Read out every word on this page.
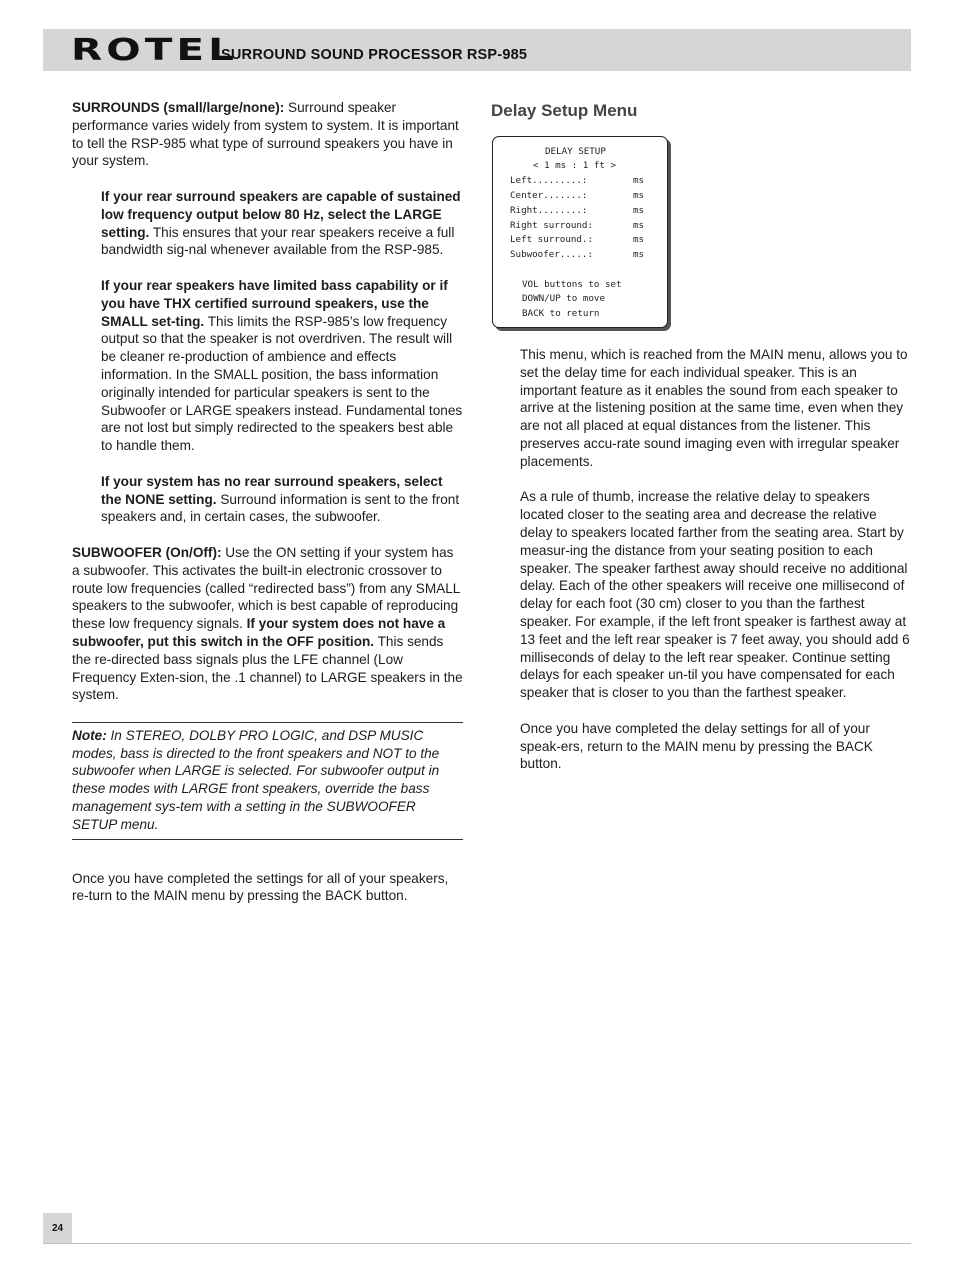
ROTEL
SURROUND SOUND PROCESSOR RSP-985

SURROUNDS (small/large/none): Surround speaker performance varies widely from system to system. It is important to tell the RSP-985 what type of surround speakers you have in your system.

If your rear surround speakers are capable of sustained low frequency output below 80 Hz, select the LARGE setting. This ensures that your rear speakers receive a full bandwidth sig-nal whenever available from the RSP-985.

If your rear speakers have limited bass capability or if you have THX certified surround speakers, use the SMALL set-ting. This limits the RSP-985’s low frequency output so that the speaker is not overdriven. The result will be cleaner re-production of ambience and effects information. In the SMALL position, the bass information originally intended for particular speakers is sent to the Subwoofer or LARGE speakers instead. Fundamental tones are not lost but simply redirected to the speakers best able to handle them.

If your system has no rear surround speakers, select the NONE setting. Surround information is sent to the front speakers and, in certain cases, the subwoofer.

SUBWOOFER (On/Off): Use the ON setting if your system has a subwoofer. This activates the built-in electronic crossover to route low frequencies (called “redirected bass”) from any SMALL speakers to the subwoofer, which is best capable of reproducing these low frequency signals. If your system does not have a subwoofer, put this switch in the OFF position. This sends the re-directed bass signals plus the LFE channel (Low Frequency Exten-sion, the .1 channel) to LARGE speakers in the system.

Note: In STEREO, DOLBY PRO LOGIC, and DSP MUSIC modes, bass is directed to the front speakers and NOT to the subwoofer when LARGE is selected. For subwoofer output in these modes with LARGE front speakers, override the bass management sys-tem with a setting in the SUBWOOFER SETUP menu.

Once you have completed the settings for all of your speakers, re-turn to the MAIN menu by pressing the BACK button.

Delay Setup Menu
DELAY SETUP
< 1 ms : 1 ft >
Left.........:	ms
Center.......:	ms
Right........:	ms
Right surround:	ms
Left surround.:	ms
Subwoofer.....:	ms
VOL buttons to set
DOWN/UP to move
BACK to return

This menu, which is reached from the MAIN menu, allows you to set the delay time for each individual speaker. This is an important feature as it enables the sound from each speaker to arrive at the listening position at the same time, even when they are not all placed at equal distances from the listener. This preserves accu-rate sound imaging even with irregular speaker placements.

As a rule of thumb, increase the relative delay to speakers located closer to the seating area and decrease the relative delay to speakers located farther from the seating area. Start by measur-ing the distance from your seating position to each speaker. The speaker farthest away should receive no additional delay. Each of the other speakers will receive one millisecond of delay for each foot (30 cm) closer to you than the farthest speaker. For example, if the left front speaker is farthest away at 13 feet and the left rear speaker is 7 feet away, you should add 6 milliseconds of delay to the left rear speaker. Continue setting delays for each speaker un-til you have compensated for each speaker that is closer to you than the farthest speaker.

Once you have completed the delay settings for all of your speak-ers, return to the MAIN menu by pressing the BACK button.

24
